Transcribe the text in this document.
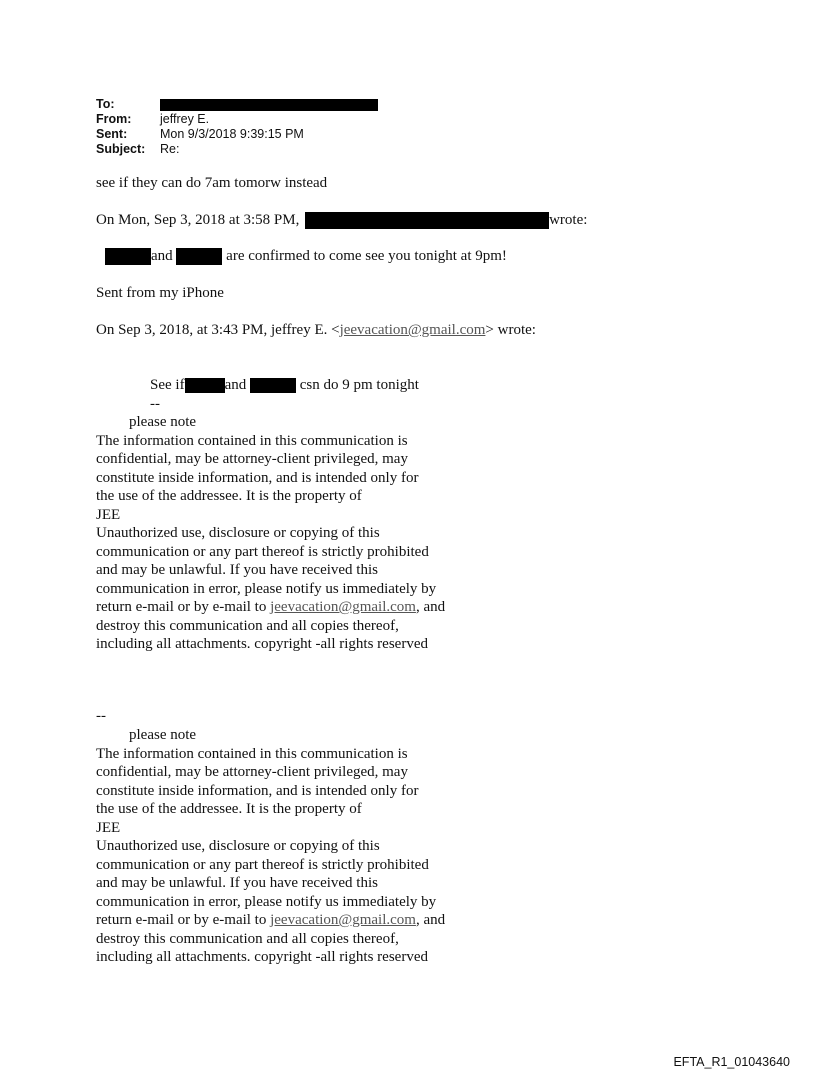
To:
From: jeffrey E.
Sent:	Mon 9/3/2018 9:39:15 PM
Subject: Re:
see if they can do 7am tomorw instead
On Mon, Sep 3, 2018 at 3:58 PM,	wrote:
and	are confirmed to come see you tonight at 9pm!
Sent from my iPhone
On Sep 3, 2018, at 3:43 PM, jeffrey E. <jeevacation@gmail.com> wrote:
See if	and	csn do 9 pm tonight
--
please note
The information contained in this communication is
confidential, may be attorney-client privileged, may
constitute inside information, and is intended only for
the use of the addressee. It is the property of
JEE
Unauthorized use, disclosure or copying of this
communication or any part thereof is strictly prohibited
and may be unlawful. If you have received this
communication in error, please notify us immediately by
return e-mail or by e-mail to jeevacation@gmail.com, and
destroy this communication and all copies thereof,
including all attachments. copyright -all rights reserved
--
please note
The information contained in this communication is
confidential, may be attorney-client privileged, may
constitute inside information, and is intended only for
the use of the addressee. It is the property of
JEE
Unauthorized use, disclosure or copying of this
communication or any part thereof is strictly prohibited
and may be unlawful. If you have received this
communication in error, please notify us immediately by
return e-mail or by e-mail to jeevacation@gmail.com, and
destroy this communication and all copies thereof,
including all attachments. copyright -all rights reserved
EFTA_R1_01043640
